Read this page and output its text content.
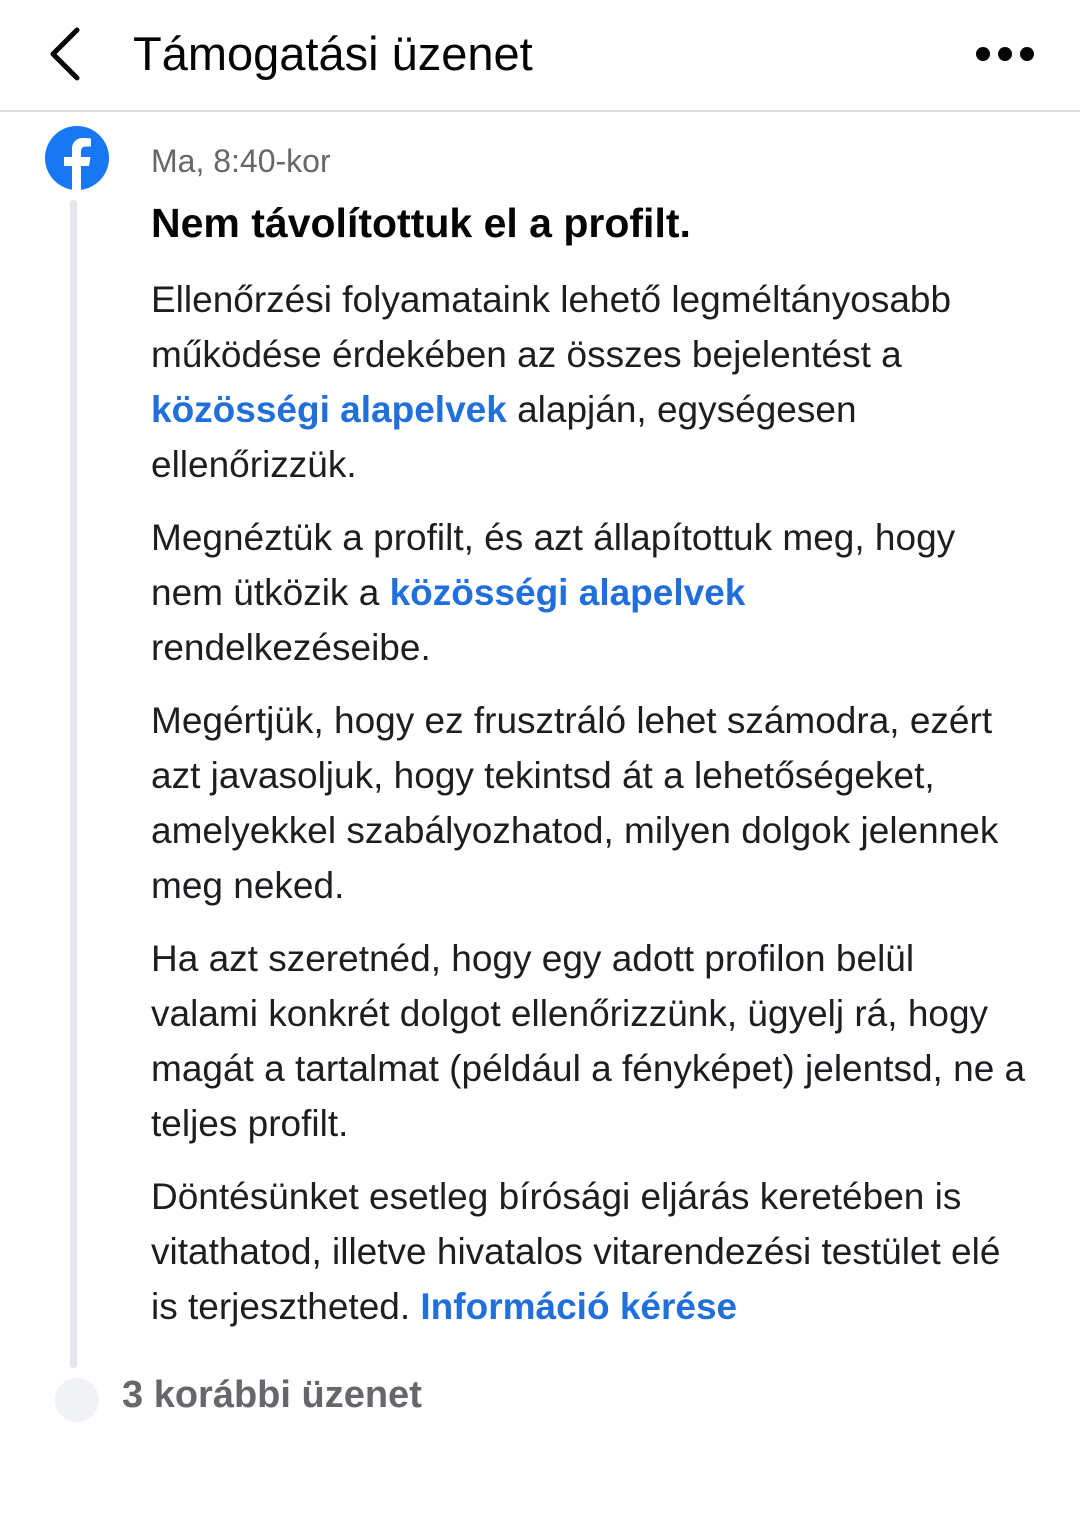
Támogatási üzenet
Ma, 8:40-kor
Nem távolítottuk el a profilt.

Ellenőrzési folyamataink lehető legméltányosabb működése érdekében az összes bejelentést a közösségi alapelvek alapján, egységesen ellenőrizzük.

Megnéztük a profilt, és azt állapítottuk meg, hogy nem ütközik a közösségi alapelvek rendelkezéseibe.

Megértjük, hogy ez frusztráló lehet számodra, ezért azt javasoljuk, hogy tekintsd át a lehetőségeket, amelyekkel szabályozhatod, milyen dolgok jelennek meg neked.

Ha azt szeretnéd, hogy egy adott profilon belül valami konkrét dolgot ellenőrizzünk, ügyelj rá, hogy magát a tartalmat (például a fényképet) jelentsd, ne a teljes profilt.

Döntésünket esetleg bírósági eljárás keretében is vitathatod, illetve hivatalos vitarendezési testület elé is terjesztheted. Információ kérése

3 korábbi üzenet
